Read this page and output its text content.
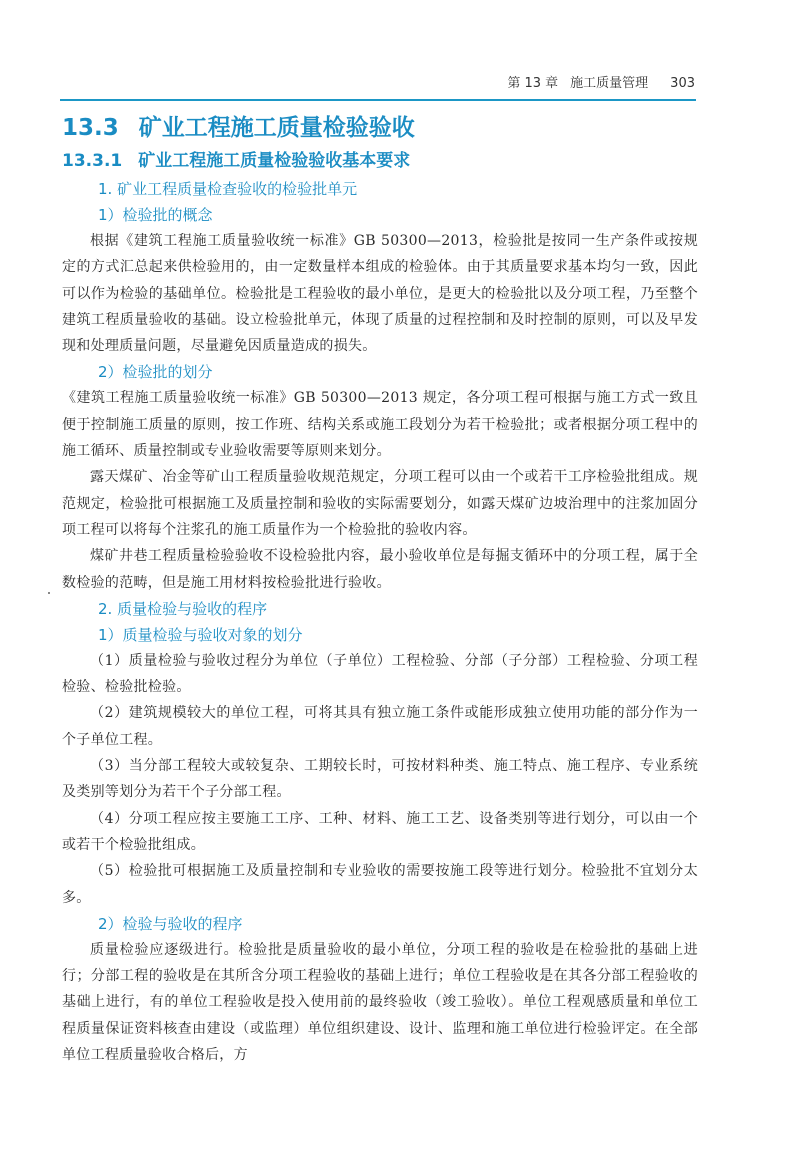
第 13 章 施工质量管理 303
13.3 矿业工程施工质量检验验收
13.3.1 矿业工程施工质量检验验收基本要求
1. 矿业工程质量检查验收的检验批单元
1）检验批的概念

根据《建筑工程施工质量验收统一标准》GB 50300—2013，检验批是按同一生产条件或按规定的方式汇总起来供检验用的，由一定数量样本组成的检验体。由于其质量要求基本均匀一致，因此可以作为检验的基础单位。检验批是工程验收的最小单位，是更大的检验批以及分项工程，乃至整个建筑工程质量验收的基础。设立检验批单元，体现了质量的过程控制和及时控制的原则，可以及早发现和处理质量问题，尽量避免因质量造成的损失。

2）检验批的划分

《建筑工程施工质量验收统一标准》GB 50300—2013 规定，各分项工程可根据与施工方式一致且便于控制施工质量的原则，按工作班、结构关系或施工段划分为若干检验批；或者根据分项工程中的施工循环、质量控制或专业验收需要等原则来划分。

露天煤矿、冶金等矿山工程质量验收规范规定，分项工程可以由一个或若干工序检验批组成。规范规定，检验批可根据施工及质量控制和验收的实际需要划分，如露天煤矿边坡治理中的注浆加固分项工程可以将每个注浆孔的施工质量作为一个检验批的验收内容。

煤矿井巷工程质量检验验收不设检验批内容，最小验收单位是每掘支循环中的分项工程，属于全数检验的范畴，但是施工用材料按检验批进行验收。

2. 质量检验与验收的程序
1）质量检验与验收对象的划分

（1）质量检验与验收过程分为单位（子单位）工程检验、分部（子分部）工程检验、分项工程检验、检验批检验。

（2）建筑规模较大的单位工程，可将其具有独立施工条件或能形成独立使用功能的部分作为一个子单位工程。

（3）当分部工程较大或较复杂、工期较长时，可按材料种类、施工特点、施工程序、专业系统及类别等划分为若干个子分部工程。

（4）分项工程应按主要施工工序、工种、材料、施工工艺、设备类别等进行划分，可以由一个或若干个检验批组成。

（5）检验批可根据施工及质量控制和专业验收的需要按施工段等进行划分。检验批不宜划分太多。

2）检验与验收的程序

质量检验应逐级进行。检验批是质量验收的最小单位，分项工程的验收是在检验批的基础上进行；分部工程的验收是在其所含分项工程验收的基础上进行；单位工程验收是在其各分部工程验收的基础上进行，有的单位工程验收是投入使用前的最终验收（竣工验收）。单位工程观感质量和单位工程质量保证资料核查由建设（或监理）单位组织建设、设计、监理和施工单位进行检验评定。在全部单位工程质量验收合格后，方
